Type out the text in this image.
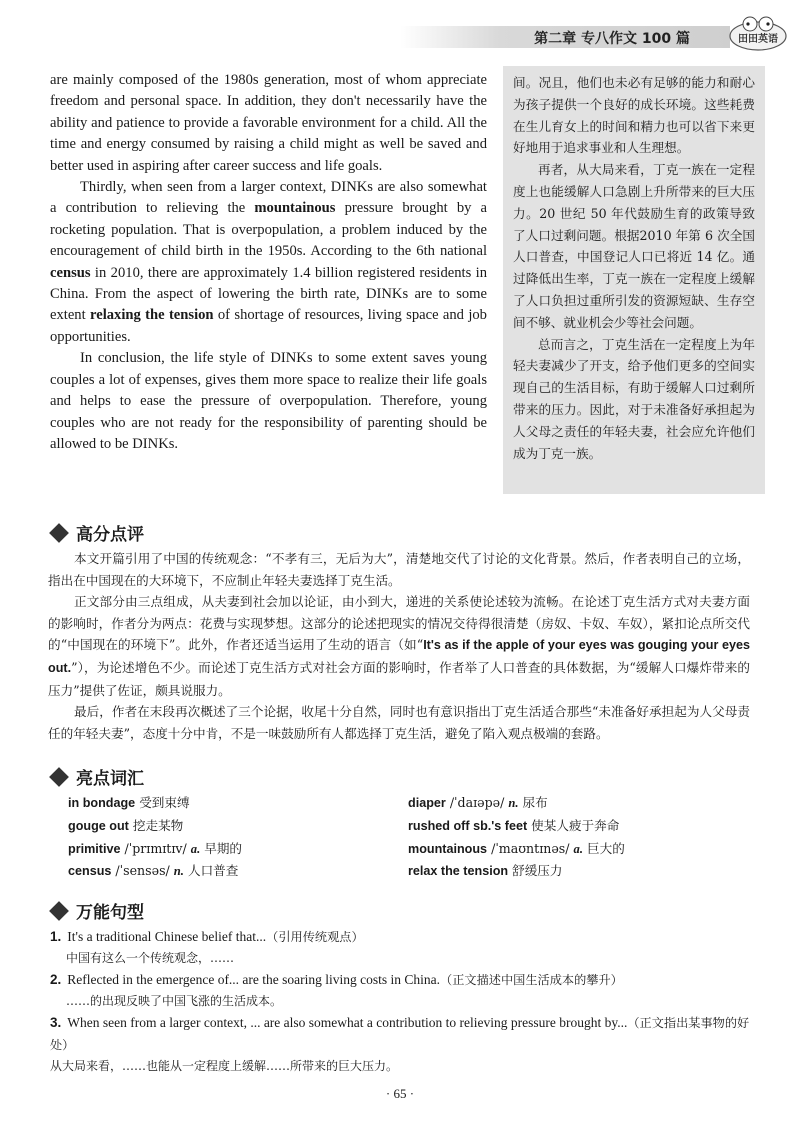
第二章 专八作文 100 篇	田田英语

are mainly composed of the 1980s generation, most of whom appreciate freedom and personal space. In addition, they don't necessarily have the ability and patience to provide a favorable environment for a child. All the time and energy consumed by raising a child might as well be saved and better used in aspiring after career success and life goals.

Thirdly, when seen from a larger context, DINKs are also somewhat a contribution to relieving the mountainous pressure brought by a rocketing population. That is overpopulation, a problem induced by the encouragement of child birth in the 1950s. According to the 6th national census in 2010, there are approximately 1.4 billion registered residents in China. From the aspect of lowering the birth rate, DINKs are to some extent relaxing the tension of shortage of resources, living space and job opportunities.

In conclusion, the life style of DINKs to some extent saves young couples a lot of expenses, gives them more space to realize their life goals and helps to ease the pressure of overpopulation. Therefore, young couples who are not ready for the responsibility of parenting should be allowed to be DINKs.

间。况且，他们也未必有足够的能力和耐心为孩子提供一个良好的成长环境。这些耗费在生儿育女上的时间和精力也可以省下来更好地用于追求事业和人生理想。

再者，从大局来看，丁克一族在一定程度上也能缓解人口急剧上升所带来的巨大压力。20 世纪 50 年代鼓励生育的政策导致了人口过剩问题。根据2010 年第 6 次全国人口普查，中国登记人口已将近 14 亿。通过降低出生率，丁克一族在一定程度上缓解了人口负担过重所引发的资源短缺、生存空间不够、就业机会少等社会问题。

总而言之，丁克生活在一定程度上为年轻夫妻减少了开支，给予他们更多的空间实现自己的生活目标，有助于缓解人口过剩所带来的压力。因此，对于未准备好承担起为人父母之责任的年轻夫妻，社会应允许他们成为丁克一族。

高分点评

本文开篇引用了中国的传统观念：“不孝有三，无后为大”，清楚地交代了讨论的文化背景。然后，作者表明自己的立场，指出在中国现在的大环境下，不应制止年轻夫妻选择丁克生活。

正文部分由三点组成，从夫妻到社会加以论证，由小到大，递进的关系使论述较为流畅。在论述丁克生活方式对夫妻方面的影响时，作者分为两点：花费与实现梦想。这部分的论述把现实的情况交待得很清楚（房奴、卡奴、车奴），紧扣论点所交代的“中国现在的环境下”。此外，作者还适当运用了生动的语言（如“It's as if the apple of your eyes was gouging your eyes out.”），为论述增色不少。而论述丁克生活方式对社会方面的影响时，作者举了人口普查的具体数据，为“缓解人口爆炸带来的压力”提供了佐证，颇具说服力。

最后，作者在末段再次概述了三个论据，收尾十分自然，同时也有意识指出丁克生活适合那些“未准备好承担起为人父母责任的年轻夫妻”，态度十分中肯，不是一味鼓励所有人都选择丁克生活，避免了陷入观点极端的套路。

亮点词汇
in bondage 受到束缚	diaper /ˈdaɪəpə/ n. 尿布
gouge out 挖走某物	rushed off sb.'s feet 使某人疲于奔命
primitive /ˈprɪmɪtɪv/ a. 早期的	mountainous /ˈmaʊntɪnəs/ a. 巨大的
census /ˈsensəs/ n. 人口普查	relax the tension 舒缓压力
万能句型
1. It's a traditional Chinese belief that...（引用传统观点）
中国有这么一个传统观念，……
2. Reflected in the emergence of... are the soaring living costs in China.（正文描述中国生活成本的攀升）
……的出现反映了中国飞涨的生活成本。
3. When seen from a larger context, ... are also somewhat a contribution to relieving pressure brought by...（正文指出某事物的好处）
从大局来看，……也能从一定程度上缓解……所带来的巨大压力。
· 65 ·
